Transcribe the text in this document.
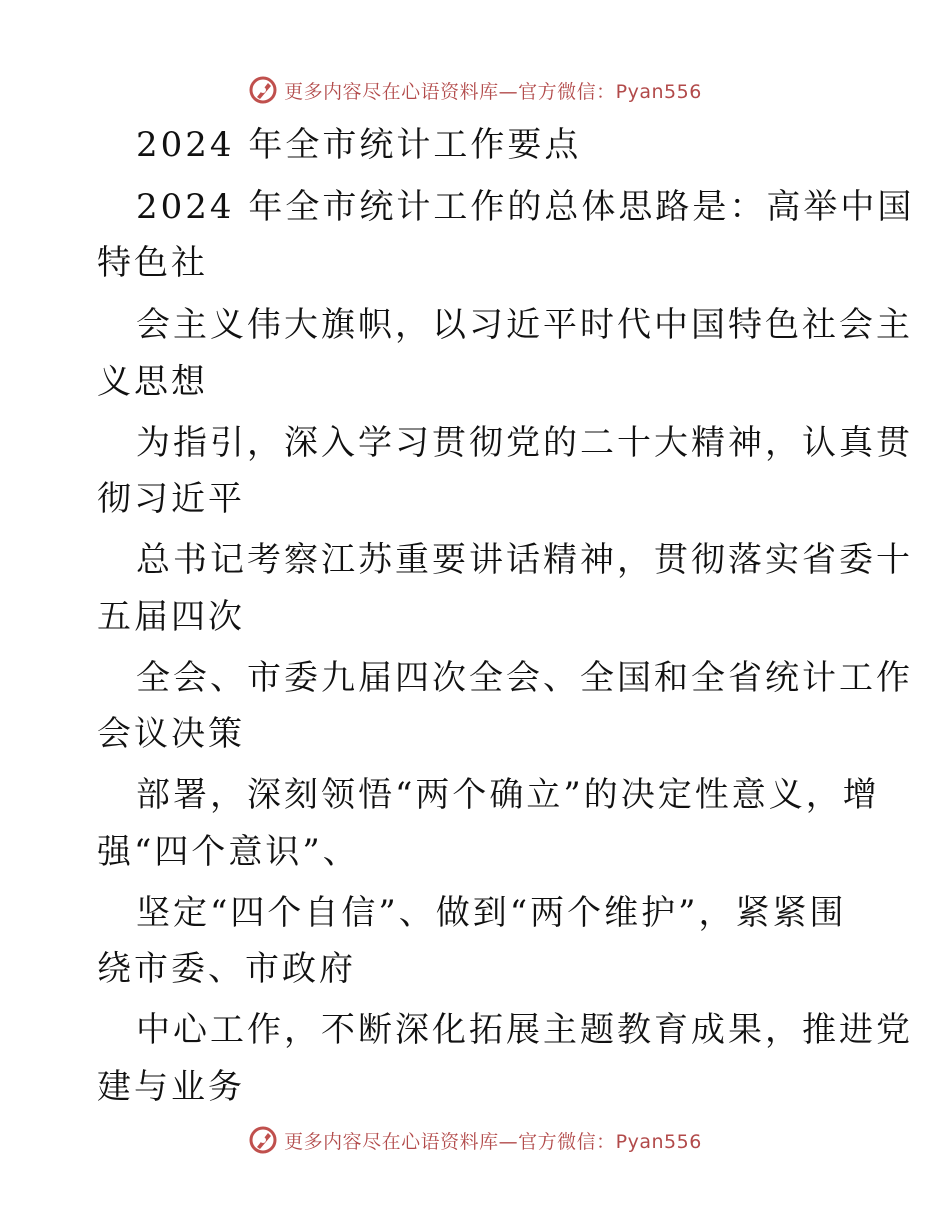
更多内容尽在心语资料库—官方微信：Pyan556
2024 年全市统计工作要点
2024 年全市统计工作的总体思路是：高举中国
特色社
会主义伟大旗帜，以习近平时代中国特色社会主
义思想
为指引，深入学习贯彻党的二十大精神，认真贯
彻习近平
总书记考察江苏重要讲话精神，贯彻落实省委十
五届四次
全会、市委九届四次全会、全国和全省统计工作
会议决策
部署，深刻领悟“两个确立”的决定性意义，增
强“四个意识”、
坚定“四个自信”、做到“两个维护”，紧紧围
绕市委、市政府
中心工作，不断深化拓展主题教育成果，推进党
建与业务
更多内容尽在心语资料库—官方微信：Pyan556
